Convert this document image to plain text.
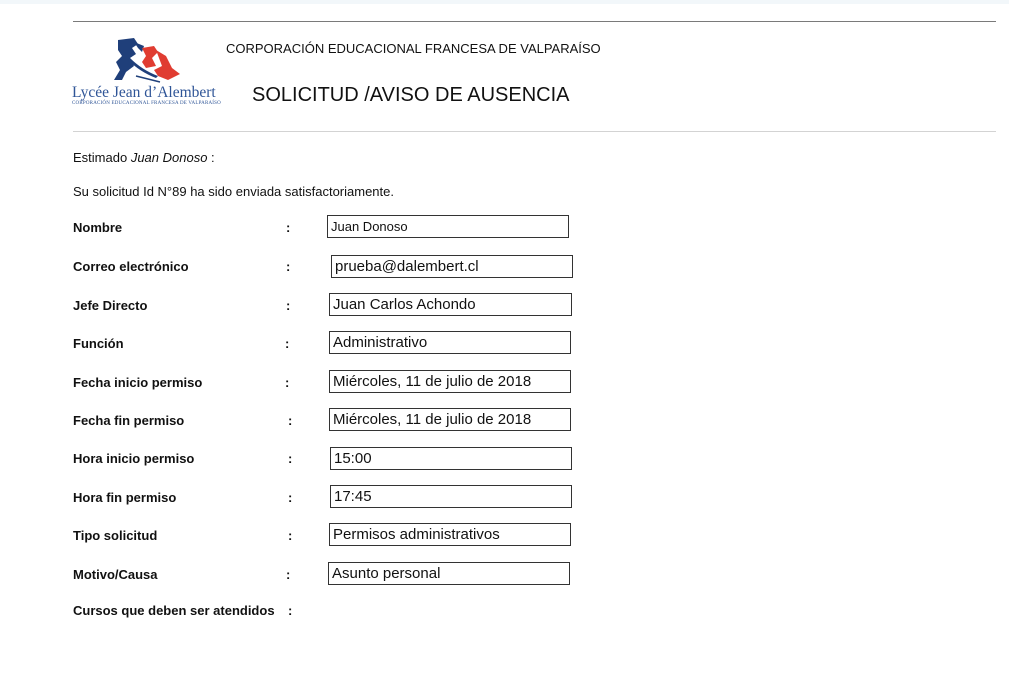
Lycée Jean d’Alembert
CORPORACIÓN EDUCACIONAL FRANCESA DE VALPARAÍSO
CORPORACIÓN EDUCACIONAL FRANCESA DE VALPARAÍSO
SOLICITUD /AVISO DE AUSENCIA
Estimado Juan Donoso :
Su solicitud Id N°89 ha sido enviada satisfactoriamente.
Nombre	:	Juan Donoso
Correo electrónico	:	prueba@dalembert.cl
Jefe Directo	:	Juan Carlos Achondo
Función	:	Administrativo
Fecha inicio permiso	:	Miércoles, 11 de julio de 2018
Fecha fin permiso	:	Miércoles, 11 de julio de 2018
Hora inicio permiso	:	15:00
Hora fin permiso	:	17:45
Tipo solicitud	:	Permisos administrativos
Motivo/Causa	:	Asunto personal
Cursos que deben ser atendidos :
